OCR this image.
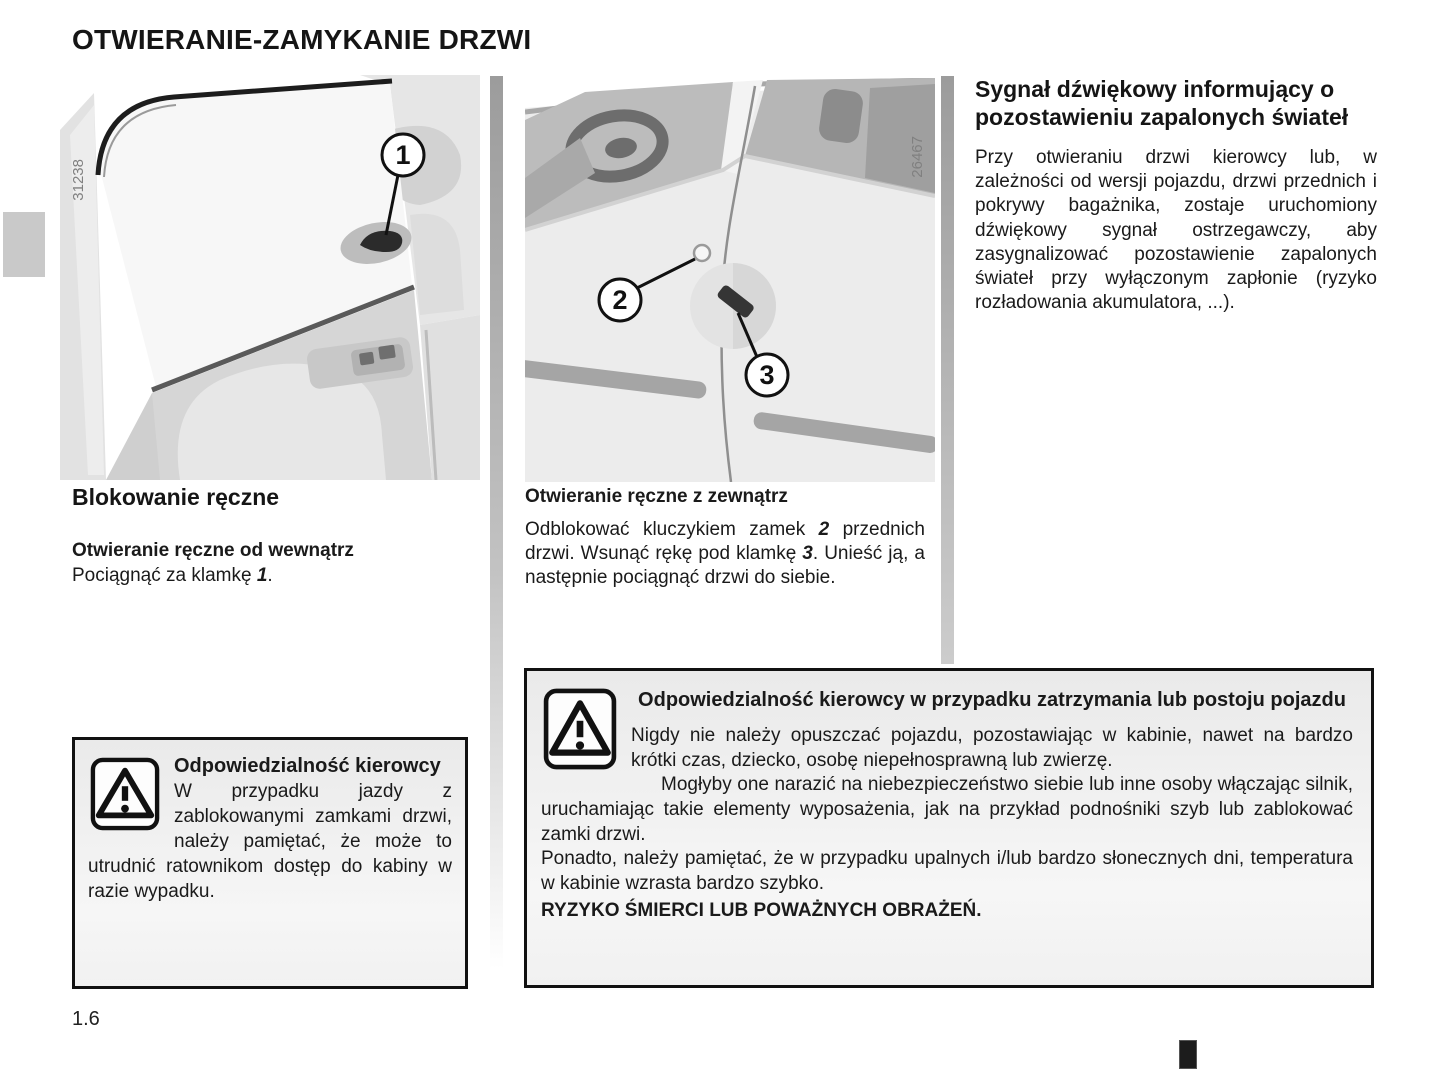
OTWIERANIE-ZAMYKANIE DRZWI
1
31238
2
3
26467
Sygnał dźwiękowy informujący o pozostawieniu zapalonych świateł

Przy otwieraniu drzwi kierowcy lub, w zależności od wersji pojazdu, drzwi przednich i pokrywy bagażnika, zostaje uruchomiony dźwiękowy sygnał ostrzegawczy, aby zasygnalizować pozostawienie zapalonych świateł przy wyłączonym zapłonie (ryzyko rozładowania akumulatora, ...).

Blokowanie ręczne
Otwieranie ręczne od wewnątrz

Pociągnąć za klamkę 1.

Otwieranie ręczne z zewnątrz

Odblokować kluczykiem zamek 2 przednich drzwi. Wsunąć rękę pod klamkę 3. Unieść ją, a następnie pociągnąć drzwi do siebie.

Odpowiedzialność kierowcy
W przypadku jazdy z zablokowanymi zamkami drzwi, należy pamiętać, że może to utrudnić ratownikom dostęp do kabiny w razie wypadku.
Odpowiedzialność kierowcy w przypadku zatrzymania lub postoju pojazdu

Nigdy nie należy opuszczać pojazdu, pozostawiając w kabinie, nawet na bardzo krótki czas, dziecko, osobę niepełnosprawną lub zwierzę.

Mogłyby one narazić na niebezpieczeństwo siebie lub inne osoby włączając silnik, uruchamiając takie elementy wyposażenia, jak na przykład podnośniki szyb lub zablokować zamki drzwi.

Ponadto, należy pamiętać, że w przypadku upalnych i/lub bardzo słonecznych dni, temperatura w kabinie wzrasta bardzo szybko.

RYZYKO ŚMIERCI LUB POWAŻNYCH OBRAŻEŃ.

1.6
